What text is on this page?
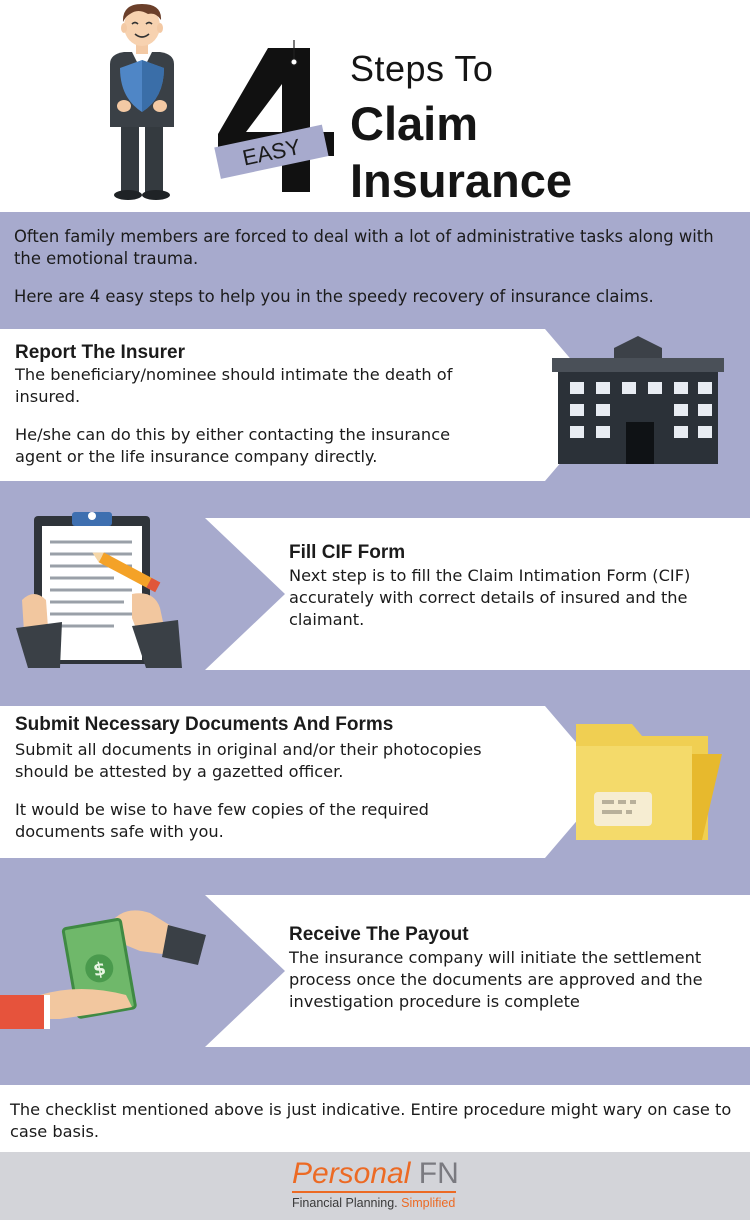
EASY
Steps To
Claim
Insurance

Often family members are forced to deal with a lot of administrative tasks along with the emotional trauma.

Here are 4 easy steps to help you in the speedy recovery of insurance claims.

Report The Insurer

The beneficiary/nominee should intimate the death of insured.

He/she can do this by either contacting the insurance agent or the life insurance company directly.

Fill CIF Form

Next step is to fill the Claim Intimation Form (CIF) accurately with correct details of insured and the claimant.

Submit Necessary Documents And Forms

Submit all documents in original and/or their photocopies should be attested by a gazetted officer.

It would be wise to have few copies of the required documents safe with you.

$
Receive The Payout

The insurance company will initiate the settlement process once the documents are approved and the investigation procedure is complete

The checklist mentioned above is just indicative. Entire procedure might wary on case to case basis.
Personal FN
Financial Planning. Simplified
